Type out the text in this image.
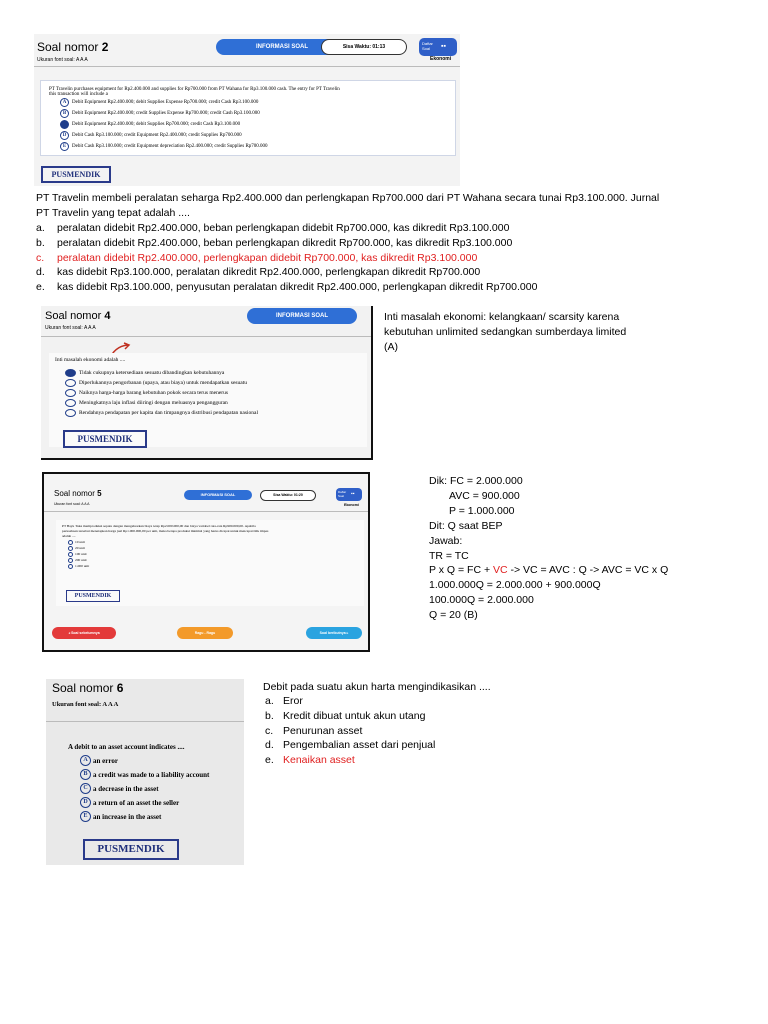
Soal nomor 2
Ukuran font soal: A A A
INFORMASI SOAL	Sisa Waktu: 01:13
Daftar Soal	▪▪
Ekonomi
PT Travelin purchases equipment for Rp2.400.000 and supplies for Rp700.000 from PT Wahana for Rp3.100.000 cash. The entry for PT Travelin
this transaction will include a
A	Debit Equipment Rp2.400.000; debit Supplies Expense Rp700.000; credit Cash Rp3.100.000
B	Debit Equipment Rp2.400.000; credit Supplies Expense Rp700.000; credit Cash Rp3.100.000
Debit Equipment Rp2.400.000; debit Supplies Rp700.000; credit Cash Rp3.100.000
D	Debit Cash Rp3.100.000; credit Equipment Rp2.400.000; credit Supplies Rp700.000
E	Debit Cash Rp3.100.000; credit Equipment depreciation Rp2.400.000; credit Supplies Rp700.000
PUSMENDIK
PT Travelin membeli peralatan seharga Rp2.400.000 dan perlengkapan Rp700.000 dari PT Wahana secara tunai Rp3.100.000. Jurnal
PT Travelin yang tepat adalah ....
a.	peralatan didebit Rp2.400.000, beban perlengkapan didebit Rp700.000, kas dikredit Rp3.100.000
b.	peralatan didebit Rp2.400.000, beban perlengkapan dikredit Rp700.000, kas dikredit Rp3.100.000
c.	peralatan didebit Rp2.400.000, perlengkapan didebit Rp700.000, kas dikredit Rp3.100.000
d.	kas didebit Rp3.100.000, peralatan dikredit Rp2.400.000, perlengkapan dikredit Rp700.000
e.	kas didebit Rp3.100.000, penyusutan peralatan dikredit Rp2.400.000, perlengkapan dikredit Rp700.000
Soal nomor 4
Ukuran font soal: A A A
INFORMASI SOAL
Inti masalah ekonomi adalah ....
Tidak cukupnya ketersediaan sesuatu dibandingkan kebutuhannya
Diperlukannya pengorbanan (upaya, atau biaya) untuk mendapatkan sesuatu
Naiknya harga-harga barang kebutuhan pokok secara terus menerus
Meningkatnya laju inflasi diiringi dengan meluasnya pengangguran
Rendahnya pendapatan per kapita dan timpangnya distribusi pendapatan nasional
PUSMENDIK
Inti masalah ekonomi: kelangkaan/ scarsity karena
kebutuhan unlimited sedangkan sumberdaya limited
(A)
Soal nomor 5
Ukuran font soal: A A A
INFORMASI SOAL	Sisa Waktu: 01:20
Daftar Soal	▪▪
Ekonomi
PT Bayu Tuka memproduksi sepatu dengan mengeluarkan biaya tetap Rp2.000.000,00 dan biaya variabel rata-rata Rp900.000,00. Apabila
perusahaan tersebut menetapkan harga jual Rp1.000.000,00 per unit, maka berapa produksi minimal yang harus dicapai untuk mencapai titik impas
adalah ....
10 unit
20 unit
100 unit
200 unit
1.000 unit
PUSMENDIK
◂ Soal sebelumnya	Ragu - Ragu	Soal berikutnya ▸
Dik: FC = 2.000.000
AVC = 900.000
P = 1.000.000
Dit: Q saat BEP
Jawab:
TR = TC
P x Q = FC + VC -> VC = AVC : Q -> AVC = VC x Q
1.000.000Q = 2.000.000 + 900.000Q
100.000Q = 2.000.000
Q = 20 (B)
Soal nomor 6
Ukuran font soal: A A A
A debit to an asset account indicates ....
A an error
B a credit was made to a liability account
C a decrease in the asset
D a return of an asset the seller
E an increase in the asset
PUSMENDIK
Debit pada suatu akun harta mengindikasikan ....
a. Eror
b. Kredit dibuat untuk akun utang
c. Penurunan asset
d. Pengembalian asset dari penjual
e. Kenaikan asset
